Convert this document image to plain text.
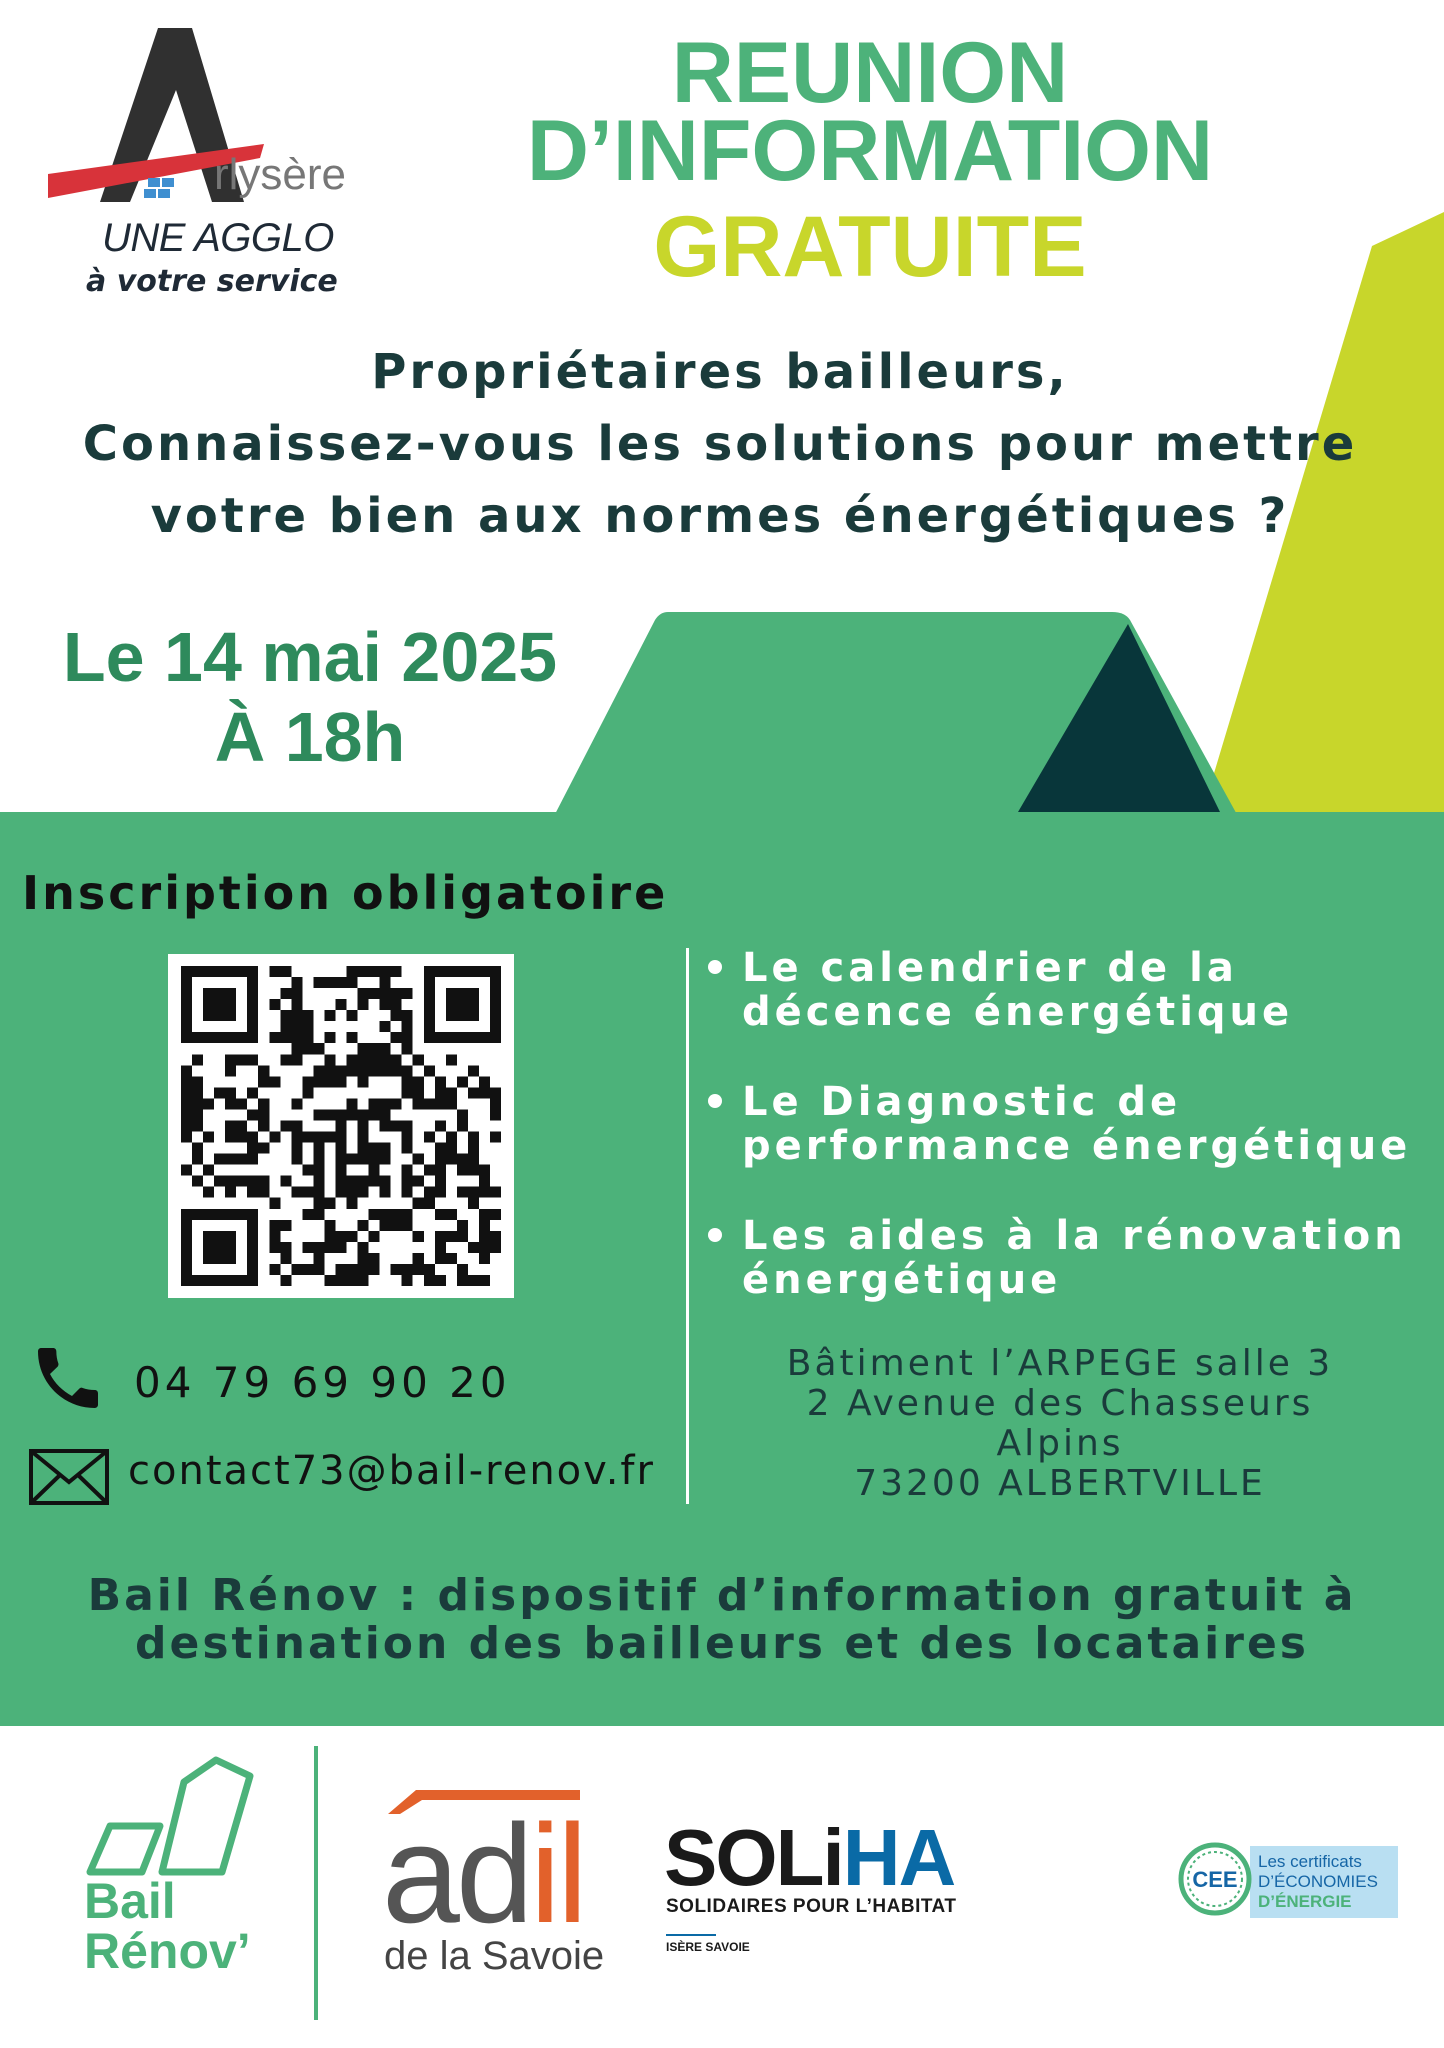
rlysère
UNE AGGLO
à votre service
REUNION
D’INFORMATION
GRATUITE
Propriétaires bailleurs,
Connaissez-vous les solutions pour mettre
votre bien aux normes énergétiques ?
Le 14 mai 2025
À 18h
Inscription obligatoire
Le calendrier de la
décence énergétique
Le Diagnostic de
performance énergétique
Les aides à la rénovation
énergétique
04 79 69 90 20
contact73@bail-renov.fr
Bâtiment l’ARPEGE salle 3
2 Avenue des Chasseurs
Alpins
73200 ALBERTVILLE
Bail Rénov : dispositif d’information gratuit à
destination des bailleurs et des locataires
Bail
Rénov’ adil
de la Savoie
SOLiHA
SOLIDAIRES POUR L’HABITAT
ISÈRE SAVOIE
CEE
Les certificats
D’ÉCONOMIES
D’ÉNERGIE
